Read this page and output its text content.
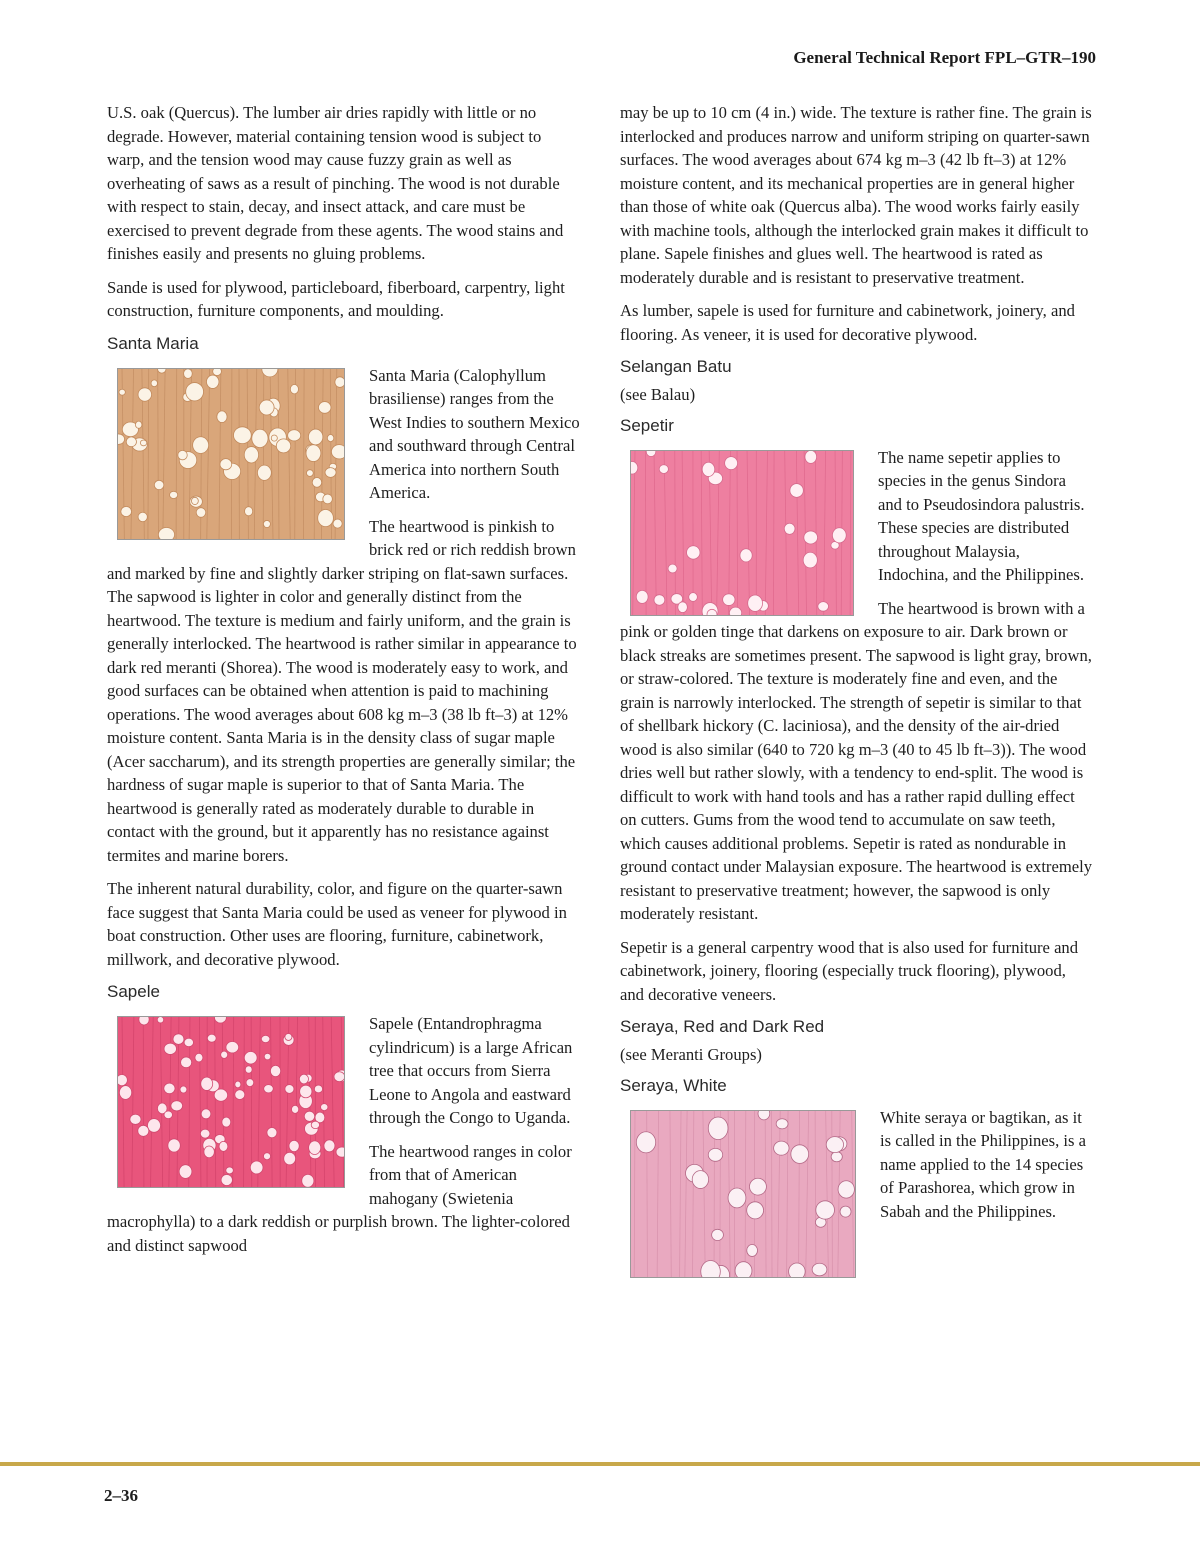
General Technical Report FPL–GTR–190

U.S. oak (Quercus). The lumber air dries rapidly with little or no degrade. However, material containing tension wood is subject to warp, and the tension wood may cause fuzzy grain as well as overheating of saws as a result of pinching. The wood is not durable with respect to stain, decay, and insect attack, and care must be exercised to prevent degrade from these agents. The wood stains and finishes easily and presents no gluing problems.

Sande is used for plywood, particleboard, fiberboard, carpentry, light construction, furniture components, and moulding.

Santa Maria

Santa Maria (Calophyllum brasiliense) ranges from the West Indies to southern Mexico and southward through Central America into northern South America.

The heartwood is pinkish to brick red or rich reddish brown and marked by fine and slightly darker striping on flat-sawn surfaces. The sapwood is lighter in color and generally distinct from the heartwood. The texture is medium and fairly uniform, and the grain is generally interlocked. The heartwood is rather similar in appearance to dark red meranti (Shorea). The wood is moderately easy to work, and good surfaces can be obtained when attention is paid to machining operations. The wood averages about 608 kg m–3 (38 lb ft–3) at 12% moisture content. Santa Maria is in the density class of sugar maple (Acer saccharum), and its strength properties are generally similar; the hardness of sugar maple is superior to that of Santa Maria. The heartwood is generally rated as moderately durable to durable in contact with the ground, but it apparently has no resistance against termites and marine borers.

The inherent natural durability, color, and figure on the quarter-sawn face suggest that Santa Maria could be used as veneer for plywood in boat construction. Other uses are flooring, furniture, cabinetwork, millwork, and decorative plywood.

Sapele

Sapele (Entandrophragma cylindricum) is a large African tree that occurs from Sierra Leone to Angola and eastward through the Congo to Uganda.

The heartwood ranges in color from that of American mahogany (Swietenia macrophylla) to a dark reddish or purplish brown. The lighter-colored and distinct sapwood

may be up to 10 cm (4 in.) wide. The texture is rather fine. The grain is interlocked and produces narrow and uniform striping on quarter-sawn surfaces. The wood averages about 674 kg m–3 (42 lb ft–3) at 12% moisture content, and its mechanical properties are in general higher than those of white oak (Quercus alba). The wood works fairly easily with machine tools, although the interlocked grain makes it difficult to plane. Sapele finishes and glues well. The heartwood is rated as moderately durable and is resistant to preservative treatment.

As lumber, sapele is used for furniture and cabinetwork, joinery, and flooring. As veneer, it is used for decorative plywood.

Selangan Batu
(see Balau)
Sepetir

The name sepetir applies to species in the genus Sindora and to Pseudosindora palustris. These species are distributed throughout Malaysia, Indochina, and the Philippines.

The heartwood is brown with a pink or golden tinge that darkens on exposure to air. Dark brown or black streaks are sometimes present. The sapwood is light gray, brown, or straw-colored. The texture is moderately fine and even, and the grain is narrowly interlocked. The strength of sepetir is similar to that of shellbark hickory (C. laciniosa), and the density of the air-dried wood is also similar (640 to 720 kg m–3 (40 to 45 lb ft–3)). The wood dries well but rather slowly, with a tendency to end-split. The wood is difficult to work with hand tools and has a rather rapid dulling effect on cutters. Gums from the wood tend to accumulate on saw teeth, which causes additional problems. Sepetir is rated as nondurable in ground contact under Malaysian exposure. The heartwood is extremely resistant to preservative treatment; however, the sapwood is only moderately resistant.

Sepetir is a general carpentry wood that is also used for furniture and cabinetwork, joinery, flooring (especially truck flooring), plywood, and decorative veneers.

Seraya, Red and Dark Red
(see Meranti Groups)
Seraya, White

White seraya or bagtikan, as it is called in the Philippines, is a name applied to the 14 species of Parashorea, which grow in Sabah and the Philippines.

2–36
